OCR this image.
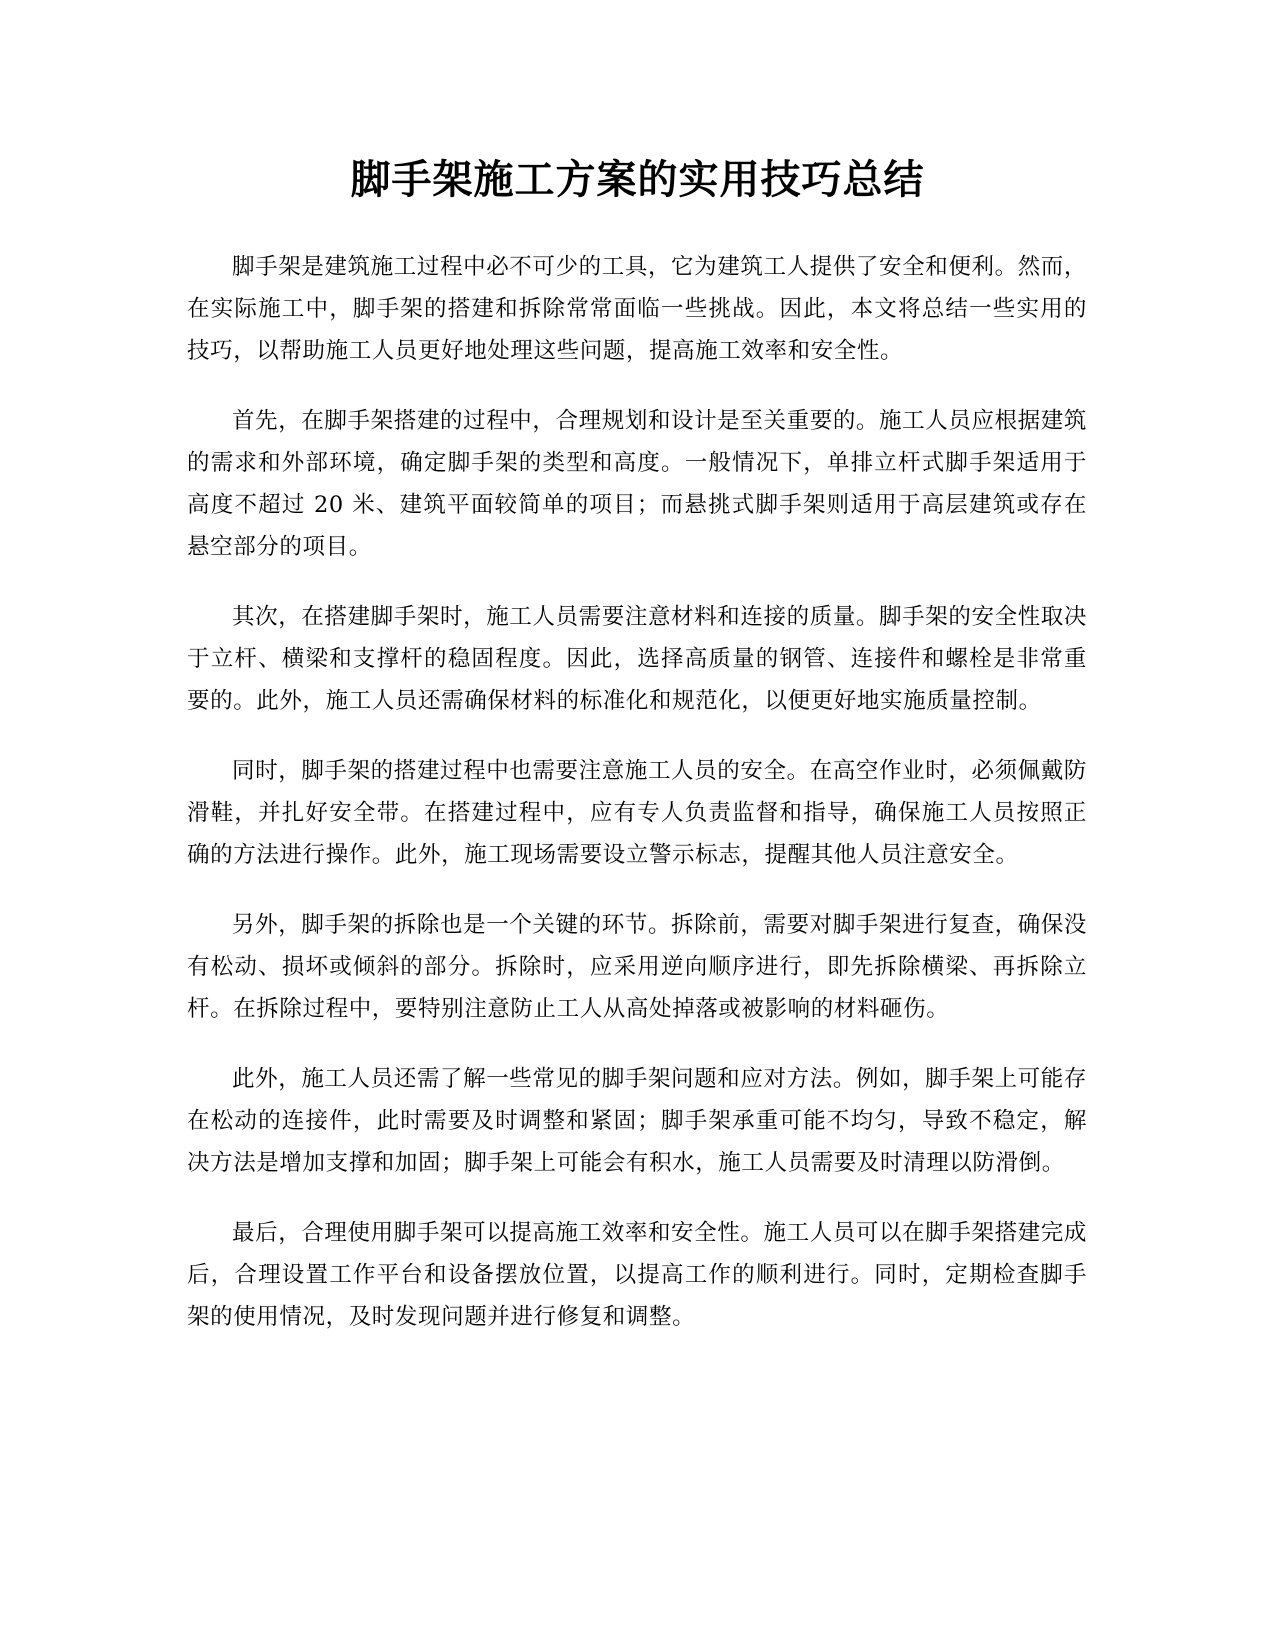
脚手架施工方案的实用技巧总结

脚手架是建筑施工过程中必不可少的工具，它为建筑工人提供了安全和便利。然而，在实际施工中，脚手架的搭建和拆除常常面临一些挑战。因此，本文将总结一些实用的技巧，以帮助施工人员更好地处理这些问题，提高施工效率和安全性。

首先，在脚手架搭建的过程中，合理规划和设计是至关重要的。施工人员应根据建筑的需求和外部环境，确定脚手架的类型和高度。一般情况下，单排立杆式脚手架适用于高度不超过 20 米、建筑平面较简单的项目；而悬挑式脚手架则适用于高层建筑或存在悬空部分的项目。

其次，在搭建脚手架时，施工人员需要注意材料和连接的质量。脚手架的安全性取决于立杆、横梁和支撑杆的稳固程度。因此，选择高质量的钢管、连接件和螺栓是非常重要的。此外，施工人员还需确保材料的标准化和规范化，以便更好地实施质量控制。

同时，脚手架的搭建过程中也需要注意施工人员的安全。在高空作业时，必须佩戴防滑鞋，并扎好安全带。在搭建过程中，应有专人负责监督和指导，确保施工人员按照正确的方法进行操作。此外，施工现场需要设立警示标志，提醒其他人员注意安全。

另外，脚手架的拆除也是一个关键的环节。拆除前，需要对脚手架进行复查，确保没有松动、损坏或倾斜的部分。拆除时，应采用逆向顺序进行，即先拆除横梁、再拆除立杆。在拆除过程中，要特别注意防止工人从高处掉落或被影响的材料砸伤。

此外，施工人员还需了解一些常见的脚手架问题和应对方法。例如，脚手架上可能存在松动的连接件，此时需要及时调整和紧固；脚手架承重可能不均匀，导致不稳定，解决方法是增加支撑和加固；脚手架上可能会有积水，施工人员需要及时清理以防滑倒。

最后，合理使用脚手架可以提高施工效率和安全性。施工人员可以在脚手架搭建完成后，合理设置工作平台和设备摆放位置，以提高工作的顺利进行。同时，定期检查脚手架的使用情况，及时发现问题并进行修复和调整。
